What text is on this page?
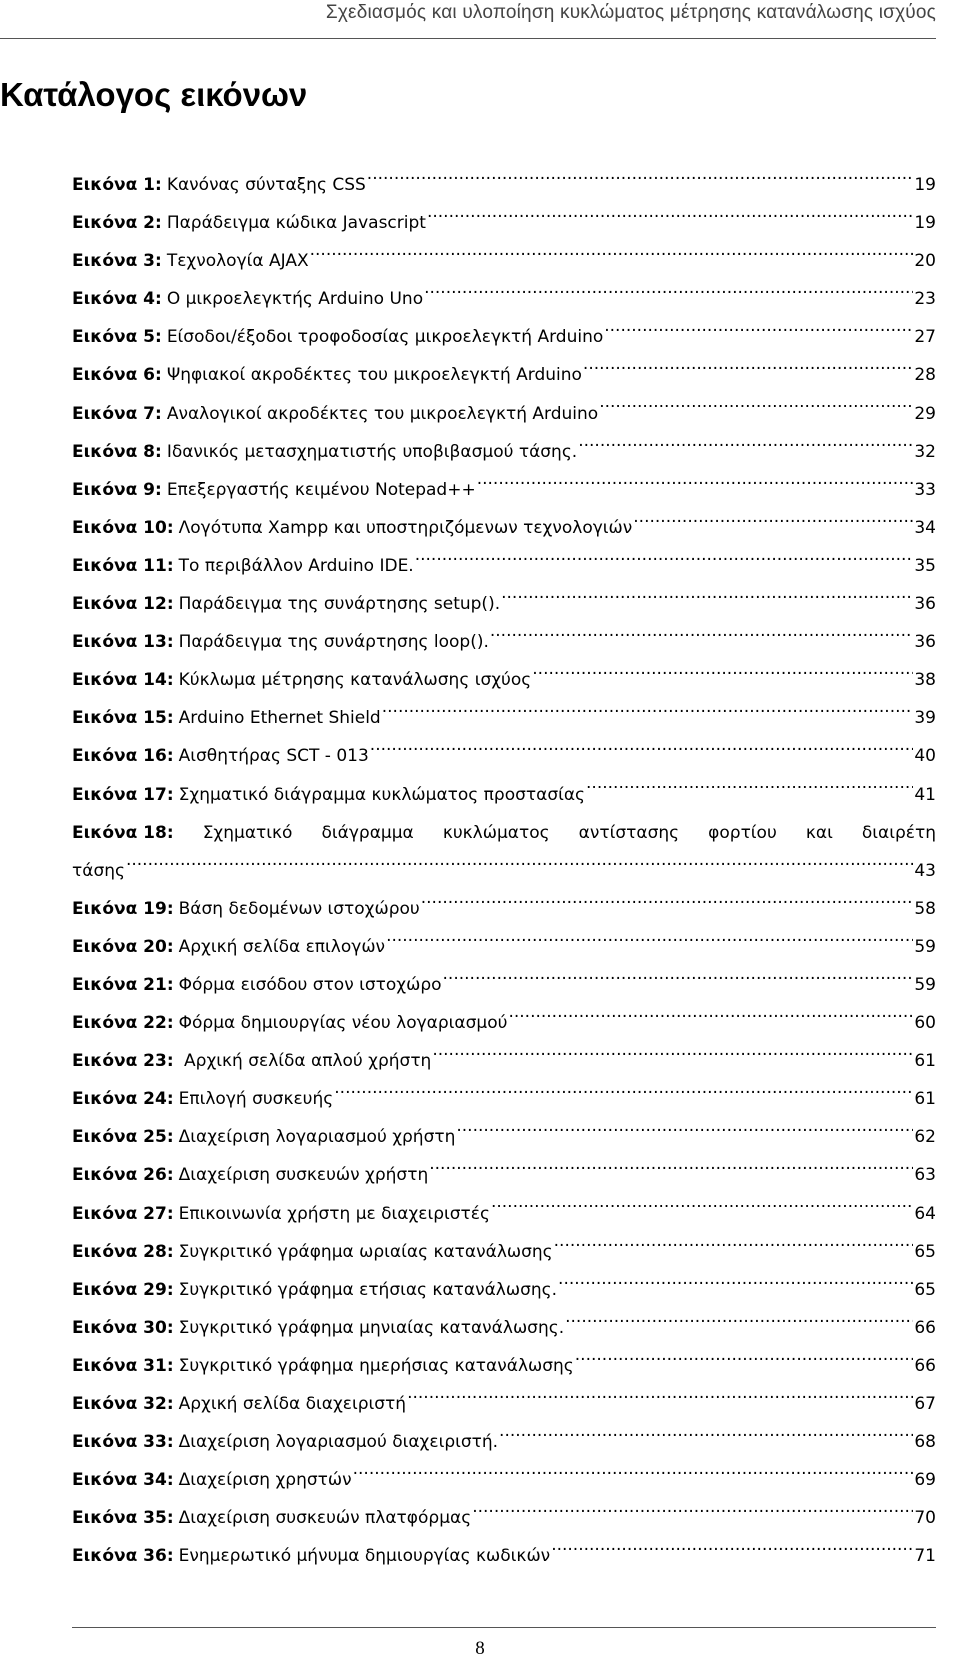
Σχεδιασμός και υλοποίηση κυκλώματος μέτρησης κατανάλωσης ισχύος
Κατάλογος εικόνων
Εικόνα 1: Κανόνας σύνταξης CSS .....	19
Εικόνα 2: Παράδειγμα κώδικα Javascript .....	19
Εικόνα 3: Τεχνολογία AJAX .....	20
Εικόνα 4: Ο μικροελεγκτής Arduino Uno .....	23
Εικόνα 5: Είσοδοι/έξοδοι τροφοδοσίας μικροελεγκτή Arduino .....	27
Εικόνα 6: Ψηφιακοί ακροδέκτες του μικροελεγκτή Arduino .....	28
Εικόνα 7: Αναλογικοί ακροδέκτες του μικροελεγκτή Arduino .....	29
Εικόνα 8: Ιδανικός μετασχηματιστής υποβιβασμού τάσης. .....	32
Εικόνα 9: Επεξεργαστής κειμένου Notepad++ .....	33
Εικόνα 10: Λογότυπα Xampp και υποστηριζόμενων τεχνολογιών .....	34
Εικόνα 11: Το περιβάλλον Arduino IDE. .....	35
Εικόνα 12: Παράδειγμα της συνάρτησης setup(). .....	36
Εικόνα 13: Παράδειγμα της συνάρτησης loop(). .....	36
Εικόνα 14: Κύκλωμα μέτρησης κατανάλωσης ισχύος .....	38
Εικόνα 15: Arduino Ethernet Shield .....	39
Εικόνα 16: Αισθητήρας SCT - 013 .....	40
Εικόνα 17: Σχηματικό διάγραμμα κυκλώματος προστασίας .....	41
Εικόνα 18: Σχηματικό διάγραμμα κυκλώματος αντίστασης φορτίου και διαιρέτη
τάσης .....	43
Εικόνα 19: Βάση δεδομένων ιστοχώρου .....	58
Εικόνα 20: Αρχική σελίδα επιλογών .....	59
Εικόνα 21: Φόρμα εισόδου στον ιστοχώρο .....	59
Εικόνα 22: Φόρμα δημιουργίας νέου λογαριασμού .....	60
Εικόνα 23: Αρχική σελίδα απλού χρήστη .....	61
Εικόνα 24: Επιλογή συσκευής .....	61
Εικόνα 25: Διαχείριση λογαριασμού χρήστη .....	62
Εικόνα 26: Διαχείριση συσκευών χρήστη .....	63
Εικόνα 27: Επικοινωνία χρήστη με διαχειριστές .....	64
Εικόνα 28: Συγκριτικό γράφημα ωριαίας κατανάλωσης .....	65
Εικόνα 29: Συγκριτικό γράφημα ετήσιας κατανάλωσης. .....	65
Εικόνα 30: Συγκριτικό γράφημα μηνιαίας κατανάλωσης. .....	66
Εικόνα 31: Συγκριτικό γράφημα ημερήσιας κατανάλωσης .....	66
Εικόνα 32: Αρχική σελίδα διαχειριστή .....	67
Εικόνα 33: Διαχείριση λογαριασμού διαχειριστή. .....	68
Εικόνα 34: Διαχείριση χρηστών .....	69
Εικόνα 35: Διαχείριση συσκευών πλατφόρμας .....	70
Εικόνα 36: Ενημερωτικό μήνυμα δημιουργίας κωδικών .....	71
8
